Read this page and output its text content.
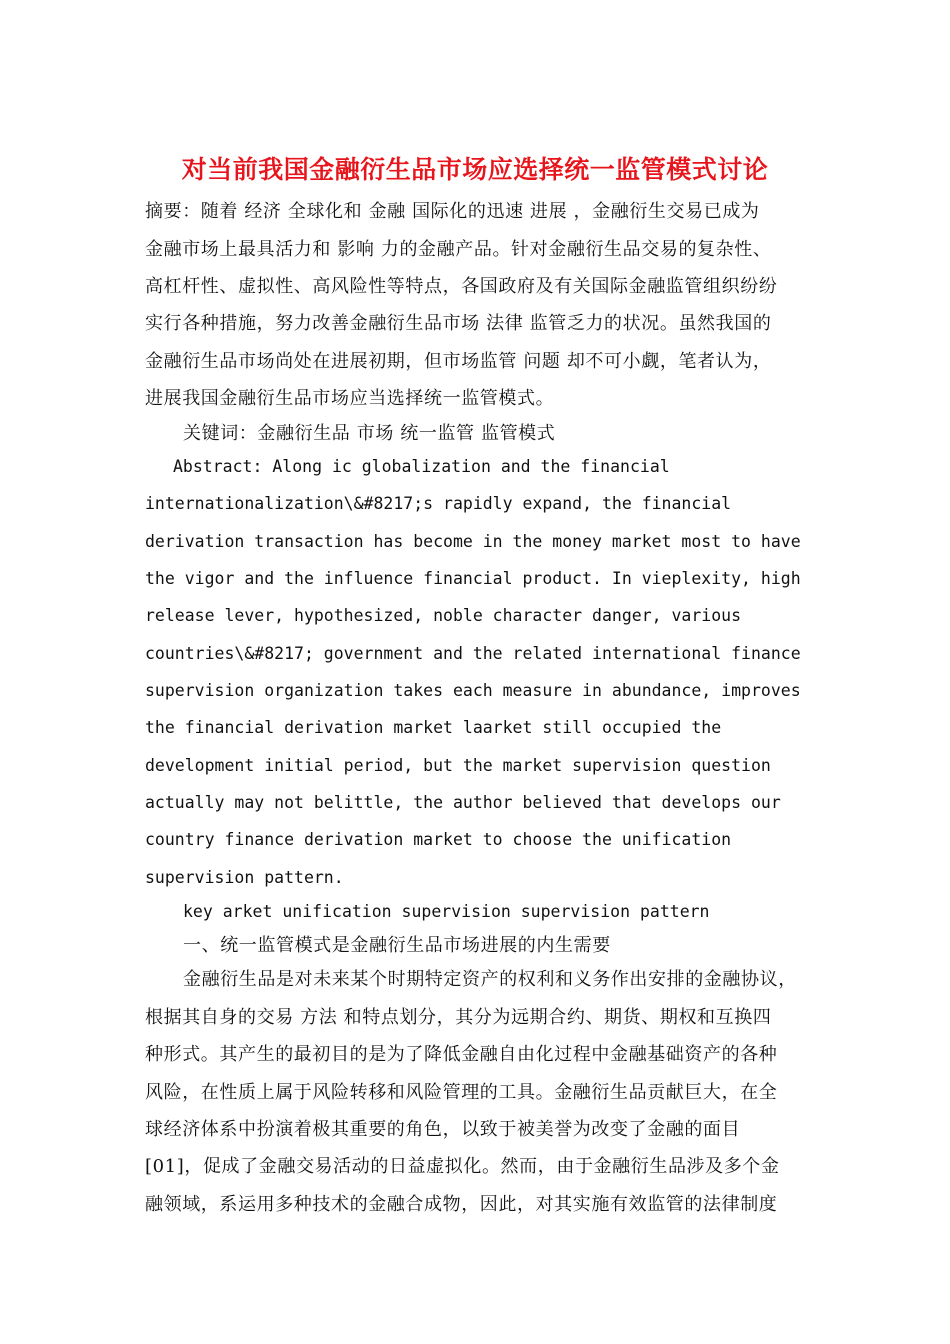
对当前我国金融衍生品市场应选择统一监管模式讨论
摘要：随着 经济 全球化和 金融 国际化的迅速 进展 ，金融衍生交易已成为
金融市场上最具活力和 影响 力的金融产品。针对金融衍生品交易的复杂性、
高杠杆性、虚拟性、高风险性等特点，各国政府及有关国际金融监管组织纷纷
实行各种措施，努力改善金融衍生品市场 法律 监管乏力的状况。虽然我国的
金融衍生品市场尚处在进展初期，但市场监管 问题 却不可小觑，笔者认为，
进展我国金融衍生品市场应当选择统一监管模式。
关键词：金融衍生品 市场 统一监管 监管模式
Abstract: Along ic globalization and the financial
internationalization\&#8217;s rapidly expand, the financial
derivation transaction has become in the money market most to have
the vigor and the influence financial product. In vieplexity, high
release lever, hypothesized, noble character danger, various
countries\&#8217; government and the related international finance
supervision organization takes each measure in abundance, improves
the financial derivation market laarket still occupied the
development initial period, but the market supervision question
actually may not belittle, the author believed that develops our
country finance derivation market to choose the unification
supervision pattern.
key arket unification supervision supervision pattern
一、统一监管模式是金融衍生品市场进展的内生需要
金融衍生品是对未来某个时期特定资产的权利和义务作出安排的金融协议，
根据其自身的交易 方法 和特点划分，其分为远期合约、期货、期权和互换四
种形式。其产生的最初目的是为了降低金融自由化过程中金融基础资产的各种
风险，在性质上属于风险转移和风险管理的工具。金融衍生品贡献巨大，在全
球经济体系中扮演着极其重要的角色，以致于被美誉为改变了金融的面目
[01]，促成了金融交易活动的日益虚拟化。然而，由于金融衍生品涉及多个金
融领域，系运用多种技术的金融合成物，因此，对其实施有效监管的法律制度
